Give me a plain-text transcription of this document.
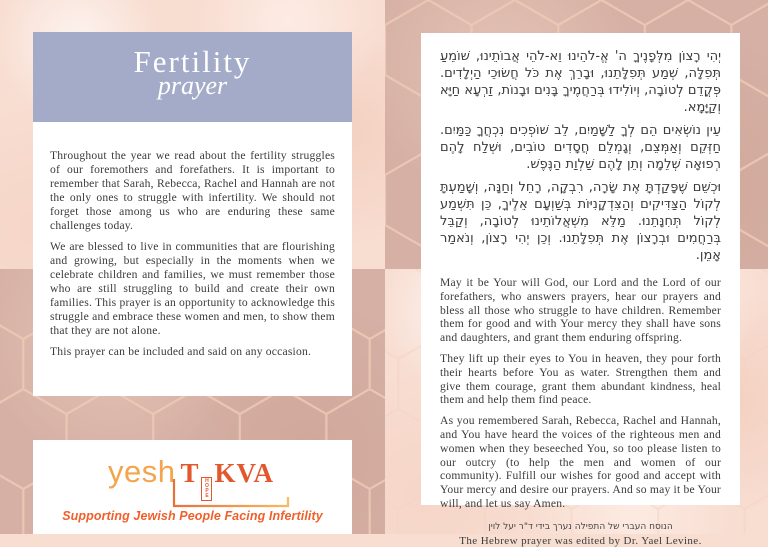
Fertility
prayer

Throughout the year we read about the fertility struggles of our foremothers and forefathers. It is important to remember that Sarah, Rebecca, Rachel and Hannah are not the only ones to struggle with infertility. We should not forget those among us who are enduring these same challenges today.

We are blessed to live in communities that are flourishing and growing, but especially in the moments when we celebrate children and families, we must remember those who are still struggling to build and create their own families. This prayer is an opportunity to acknowledge this struggle and embrace these women and men, to show them that they are not alone.

This prayer can be included and said on any occasion.

yesh T H
O
P
E
KVA
Supporting Jewish People Facing Infertility

יְהִי רָצוֹן מִלְּפָנֶיךָ ה' אֱ-לֹהֵינוּ וֵא-לֹהֵי אֲבוֹתֵינוּ, שׁוֹמֵעַ תְּפִלָּה, שְׁמַע תְּפִלָּתֵנוּ, וּבָרֵךְ אֶת כֹּל חֲשׂוּכֵי הַיְלָדִים. פְּקֳדֵם לְטוֹבָה, וְיוֹלִידוּ בְּרַחֲמֶיךָ בָּנִים וּבָנוֹת, זַרְעָא חַיָּא וְקַיָּמָא.

עֵין נוֹשְׂאִים הֵם לְךָ לַשָּׁמַיִם, לֵב שׁוֹפְכִים נִכְחֲךָ כַּמַּיִם. חַזְּקֵם וְאַמְּצֵם, וְגָמְלֵם חֲסָדִים טוֹבִים, וּשְׁלַח לָהֶם רְפוּאָה שְׁלֵמָה וְתֵן לָהֶם שַׁלְוַת הַנֶּפֶשׁ.

וּכְשֵׁם שֶׁפָּקַדְתָּ אֶת שָׂרָה, רִבְקָה, רָחֵל וְחַנָּה, וְשָׁמַעְתָּ לְקוֹל הַצַּדִּיקִים וְהַצִּדְקָנִיּוֹת בְּשַׁוְעָם אֵלֶיךָ, כֵּן תִּשְׁמַע לְקוֹל תְּחִנָּתֵנוּ. מַלֵּא מִשְׁאֲלוֹתֵינוּ לְטוֹבָה, וְקַבֵּל בְּרַחֲמִים וּבְרָצוֹן אֶת תְּפִלָּתֵנוּ. וְכֵן יְהִי רָצוֹן, וְנֹאמַר אָמֵן.

May it be Your will God, our Lord and the Lord of our forefathers, who answers prayers, hear our prayers and bless all those who struggle to have children. Remember them for good and with Your mercy they shall have sons and daughters, and grant them enduring offspring.

They lift up their eyes to You in heaven, they pour forth their hearts before You as water. Strengthen them and give them courage, grant them abundant kindness, heal them and help them find peace.

As you remembered Sarah, Rebecca, Rachel and Hannah, and You have heard the voices of the righteous men and women when they beseeched You, so too please listen to our outcry (to help the men and women of our community). Fulfill our wishes for good and accept with Your mercy and desire our prayers. And so may it be Your will, and let us say Amen.

הנוסח העברי של התפילה נערך בידי ד"ר יעל לוין

The Hebrew prayer was edited by Dr. Yael Levine.
